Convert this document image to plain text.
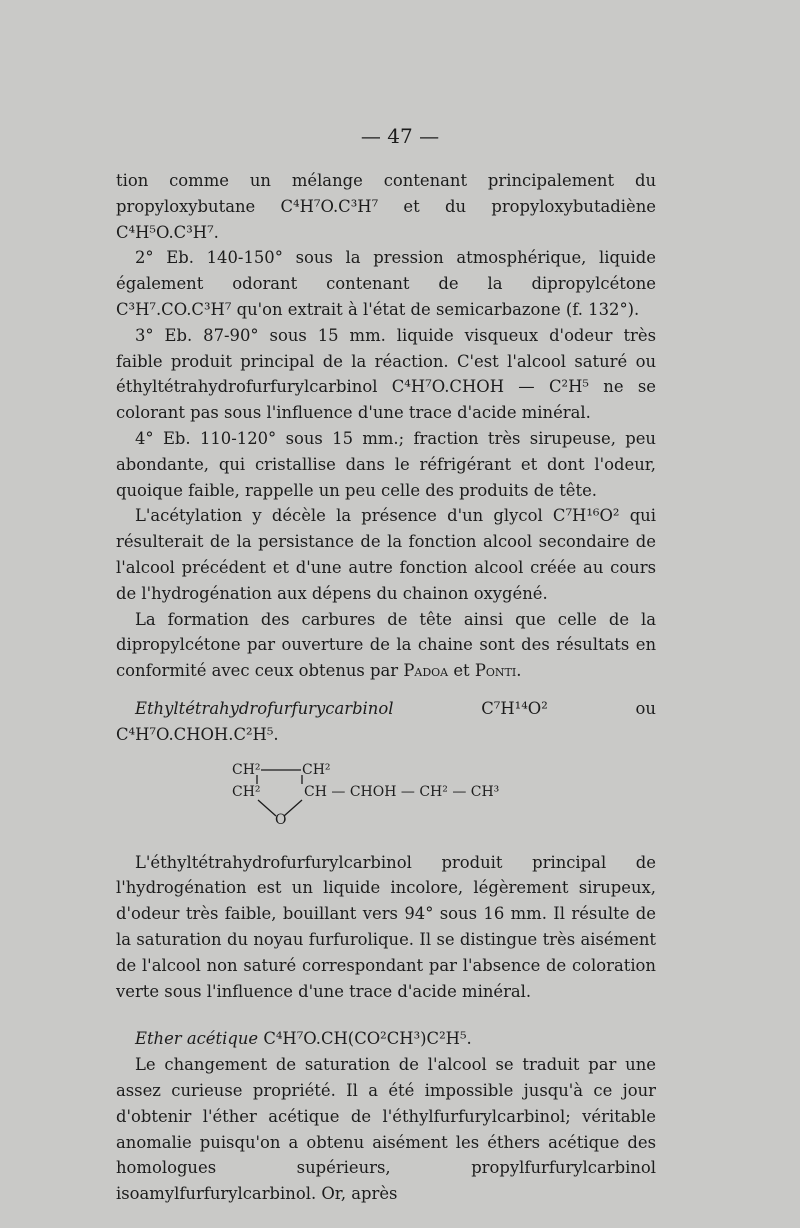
— 47 —

tion comme un mélange contenant principalement du propyloxybutane C⁴H⁷O.C³H⁷ et du propyloxybutadiène C⁴H⁵O.C³H⁷.

2° Eb. 140-150° sous la pression atmosphérique, liquide également odorant contenant de la dipropylcétone C³H⁷.CO.C³H⁷ qu'on extrait à l'état de semicarbazone (f. 132°).

3° Eb. 87-90° sous 15 mm. liquide visqueux d'odeur très faible produit principal de la réaction. C'est l'alcool saturé ou éthyltétrahydrofurfurylcarbinol C⁴H⁷O.CHOH — C²H⁵ ne se colorant pas sous l'influence d'une trace d'acide minéral.

4° Eb. 110-120° sous 15 mm.; fraction très sirupeuse, peu abondante, qui cristallise dans le réfrigérant et dont l'odeur, quoique faible, rappelle un peu celle des produits de tête.

L'acétylation y décèle la présence d'un glycol C⁷H¹⁶O² qui résulterait de la persistance de la fonction alcool secondaire de l'alcool précédent et d'une autre fonction alcool créée au cours de l'hydrogénation aux dépens du chainon oxygéné.

La formation des carbures de tête ainsi que celle de la dipropylcétone par ouverture de la chaine sont des résultats en conformité avec ceux obtenus par Padoa et Ponti.

Ethyltétrahydrofurfurycarbinol	C⁷H¹⁴O² ou C⁴H⁷O.CHOH.C²H⁵.

CH²	CH²
CH²	CH — CHOH — CH² — CH³
O

L'éthyltétrahydrofurfurylcarbinol produit principal de l'hydrogénation est un liquide incolore, légèrement sirupeux, d'odeur très faible, bouillant vers 94° sous 16 mm. Il résulte de la saturation du noyau furfurolique. Il se distingue très aisément de l'alcool non saturé correspondant par l'absence de coloration verte sous l'influence d'une trace d'acide minéral.

Ether acétique C⁴H⁷O.CH(CO²CH³)C²H⁵.

Le changement de saturation de l'alcool se traduit par une assez curieuse propriété. Il a été impossible jusqu'à ce jour d'obtenir l'éther acétique de l'éthylfurfurylcarbinol; véritable anomalie puisqu'on a obtenu aisément les éthers acétique des homologues supérieurs, propylfurfurylcarbinol isoamylfurfurylcarbinol. Or, après
